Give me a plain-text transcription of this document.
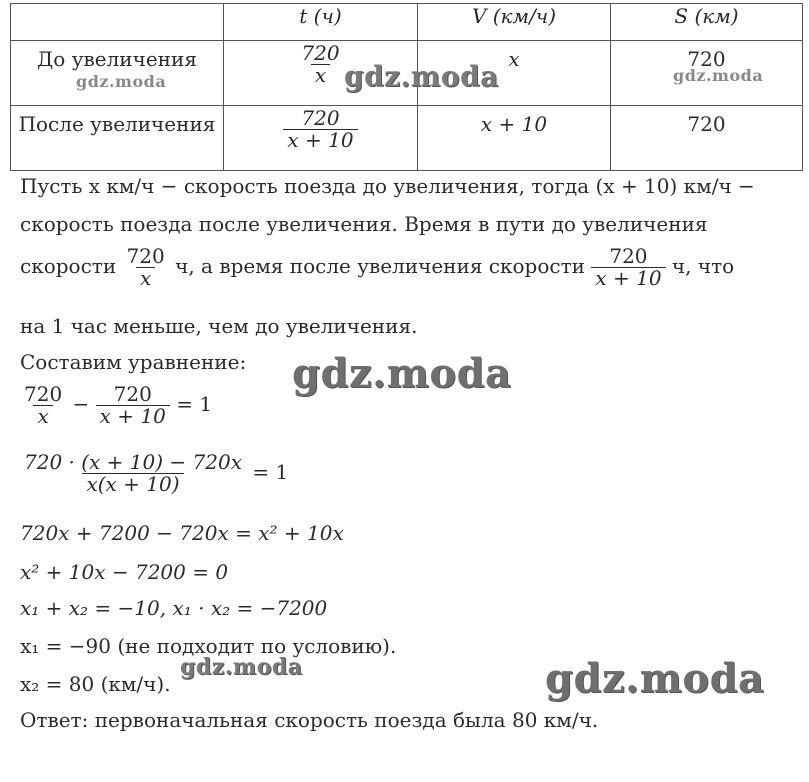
	t (ч)	V (км/ч)	S (км)

До увеличения	$\frac{720}{x}$	x	720

После увеличения	$\frac{720}{x + 10}$	x + 10	720
Пусть x км/ч − скорость поезда до увеличения, тогда (x + 10) км/ч −
скорость поезда после увеличения. Время в пути до увеличения
скорости $\frac{720}{x} ч$, а время после увеличения скорости $\frac{720}{x + 10} ч$, что
на 1 час меньше, чем до увеличения.
Составим уравнение:
$\frac{720}{x} - \frac{720}{x + 10} = 1$
$\frac{720 \cdot (x + 10) - 720x}{x(x + 10)} = 1$
720x + 7200 − 720x = x² + 10x
x² + 10x − 7200 = 0
x₁ + x₂ = −10, x₁ · x₂ = −7200
x₁ = −90 (не подходит по условию).
x₂ = 80 (км/ч).
Ответ: первоначальная скорость поезда была 80 км/ч.
gdz.moda	gdz.moda	gdz.moda
gdz.moda
gdz.moda	gdz.moda
